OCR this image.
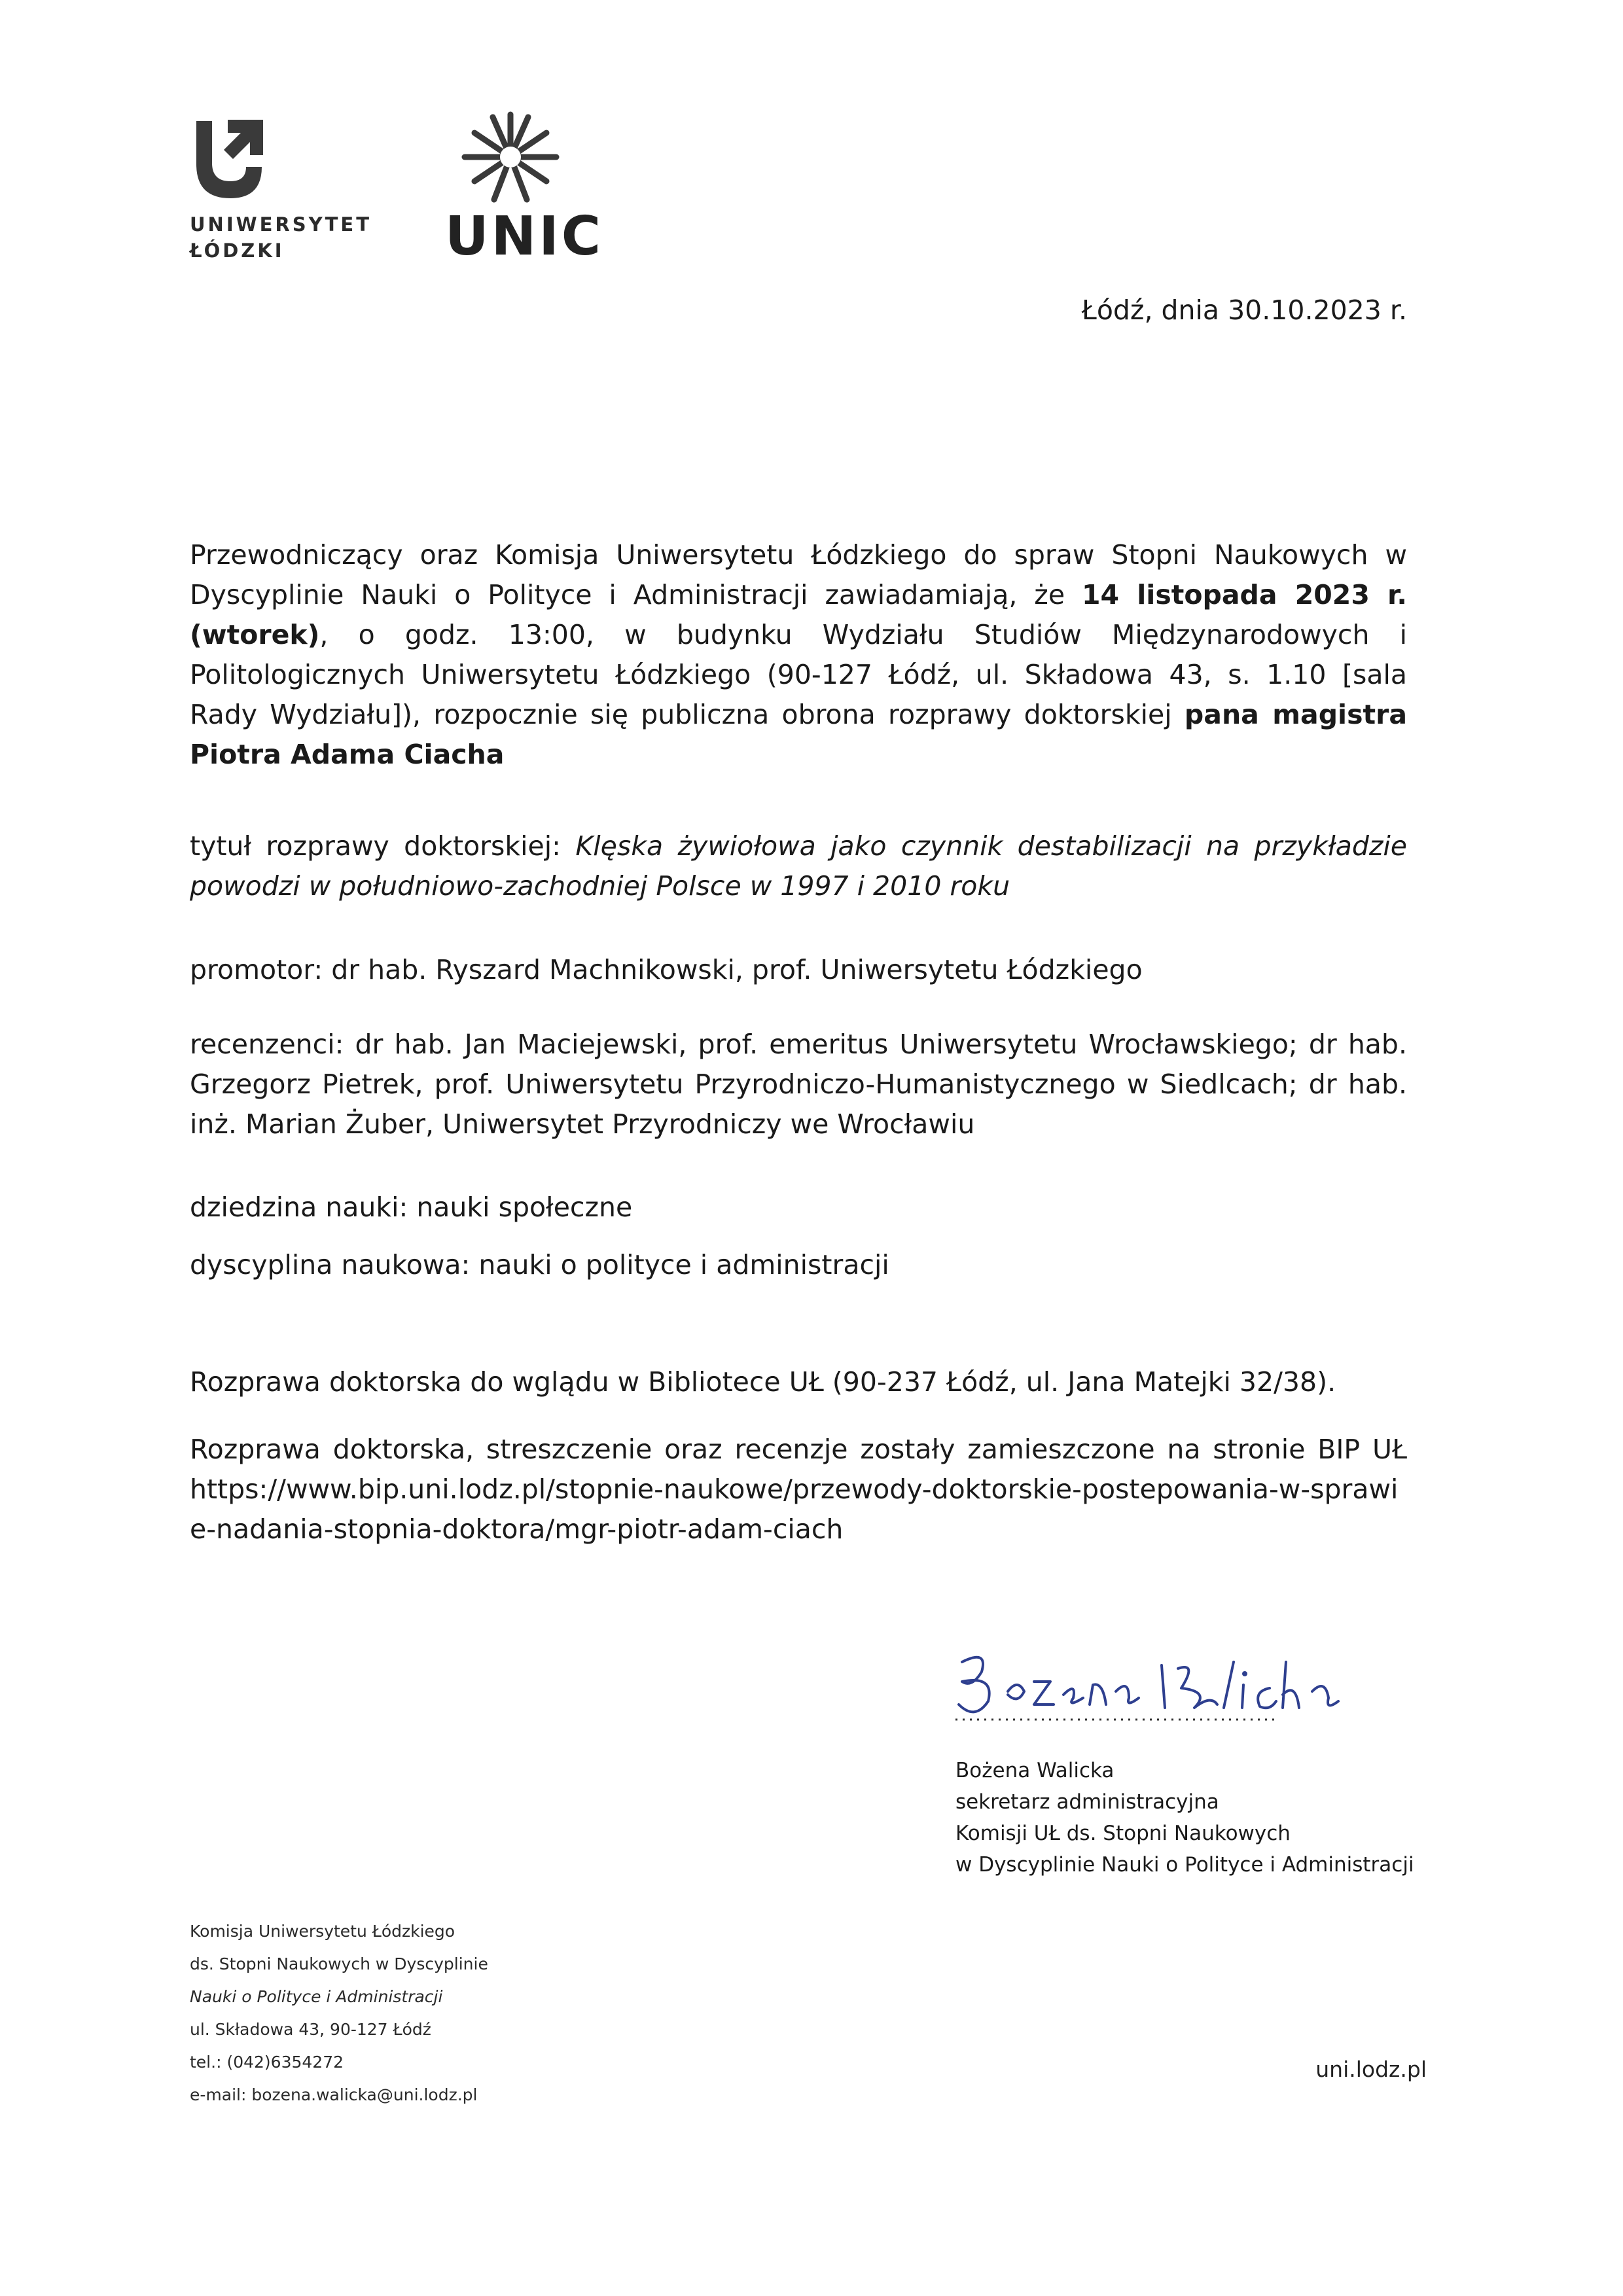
UNIWERSYTET
ŁÓDZKI	UNIC
Łódź, dnia 30.10.2023 r.
Przewodniczący oraz Komisja Uniwersytetu Łódzkiego do spraw Stopni Naukowych w Dyscyplinie Nauki o Polityce i Administracji zawiadamiają, że 14 listopada 2023 r. (wtorek), o godz. 13:00, w budynku Wydziału Studiów Międzynarodowych i Politologicznych Uniwersytetu Łódzkiego (90-127 Łódź, ul. Składowa 43, s. 1.10 [sala Rady Wydziału]), rozpocznie się publiczna obrona rozprawy doktorskiej pana magistra Piotra Adama Ciacha
tytuł rozprawy doktorskiej: Klęska żywiołowa jako czynnik destabilizacji na przykładzie powodzi w południowo-zachodniej Polsce w 1997 i 2010 roku
promotor: dr hab. Ryszard Machnikowski, prof. Uniwersytetu Łódzkiego
recenzenci: dr hab. Jan Maciejewski, prof. emeritus Uniwersytetu Wrocławskiego; dr hab. Grzegorz Pietrek, prof. Uniwersytetu Przyrodniczo-Humanistycznego w Siedlcach; dr hab. inż. Marian Żuber, Uniwersytet Przyrodniczy we Wrocławiu
dziedzina nauki: nauki społeczne
dyscyplina naukowa: nauki o polityce i administracji
Rozprawa doktorska do wglądu w Bibliotece UŁ (90-237 Łódź, ul. Jana Matejki 32/38).
Rozprawa doktorska, streszczenie oraz recenzje zostały zamieszczone na stronie BIP UŁ
https://www.bip.uni.lodz.pl/stopnie-naukowe/przewody-doktorskie-postepowania-w-sprawie-nadania-stopnia-doktora/mgr-piotr-adam-ciach
Bożena Walicka
sekretarz administracyjna
Komisji UŁ ds. Stopni Naukowych
w Dyscyplinie Nauki o Polityce i Administracji
Komisja Uniwersytetu Łódzkiego
ds. Stopni Naukowych w Dyscyplinie
Nauki o Polityce i Administracji
ul. Składowa 43, 90-127 Łódź
tel.: (042)6354272
e-mail: bozena.walicka@uni.lodz.pl
uni.lodz.pl
